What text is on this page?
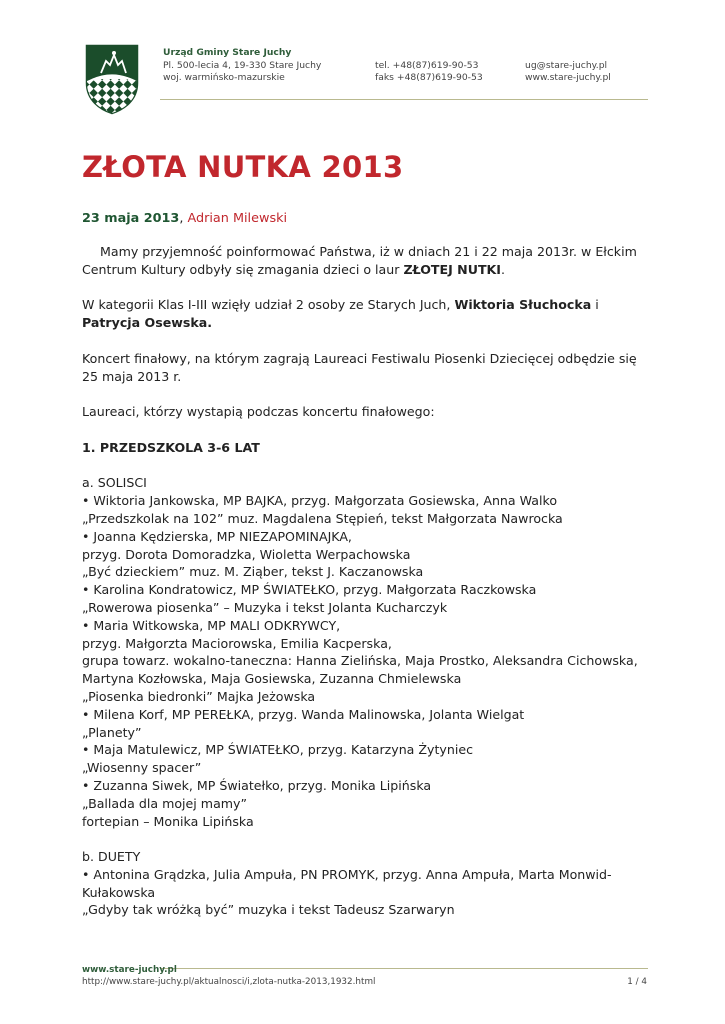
Urząd Gminy Stare Juchy
Pl. 500-lecia 4, 19-330 Stare Juchy
woj. warmińsko-mazurskie
tel. +48(87)619-90-53
faks +48(87)619-90-53
ug@stare-juchy.pl
www.stare-juchy.pl
ZŁOTA NUTKA 2013
23 maja 2013, Adrian Milewski

Mamy przyjemność poinformować Państwa, iż w dniach 21 i 22 maja 2013r. w Ełckim Centrum Kultury odbyły się zmagania dzieci o laur ZŁOTEJ NUTKI.

W kategorii Klas I-III wzięły udział 2 osoby ze Starych Juch, Wiktoria Słuchocka i Patrycja Osewska.

Koncert finałowy, na którym zagrają Laureaci Festiwalu Piosenki Dziecięcej odbędzie się 25 maja 2013 r.

Laureaci, którzy wystapią podczas koncertu finałowego:

1. PRZEDSZKOLA 3-6 LAT

a. SOLISCI
• Wiktoria Jankowska, MP BAJKA, przyg. Małgorzata Gosiewska, Anna Walko
„Przedszkolak na 102” muz. Magdalena Stępień, tekst Małgorzata Nawrocka
• Joanna Kędzierska, MP NIEZAPOMINAJKA,
przyg. Dorota Domoradzka, Wioletta Werpachowska
„Być dzieckiem” muz. M. Ziąber, tekst J. Kaczanowska
• Karolina Kondratowicz, MP ŚWIATEŁKO, przyg. Małgorzata Raczkowska
„Rowerowa piosenka” – Muzyka i tekst Jolanta Kucharczyk
• Maria Witkowska, MP MALI ODKRYWCY,
przyg. Małgorzta Maciorowska, Emilia Kacperska,
grupa towarz. wokalno-taneczna: Hanna Zielińska, Maja Prostko, Aleksandra Cichowska, Martyna Kozłowska, Maja Gosiewska, Zuzanna Chmielewska
„Piosenka biedronki” Majka Jeżowska
• Milena Korf, MP PEREŁKA, przyg. Wanda Malinowska, Jolanta Wielgat
„Planety”
• Maja Matulewicz, MP ŚWIATEŁKO, przyg. Katarzyna Żytyniec
„Wiosenny spacer”
• Zuzanna Siwek, MP Światełko, przyg. Monika Lipińska
„Ballada dla mojej mamy”
fortepian – Monika Lipińska

b. DUETY
• Antonina Grądzka, Julia Ampuła, PN PROMYK, przyg. Anna Ampuła, Marta Monwid-Kułakowska
„Gdyby tak wróżką być” muzyka i tekst Tadeusz Szarwaryn

www.stare-juchy.pl
http://www.stare-juchy.pl/aktualnosci/i,zlota-nutka-2013,1932.html	1 / 4
